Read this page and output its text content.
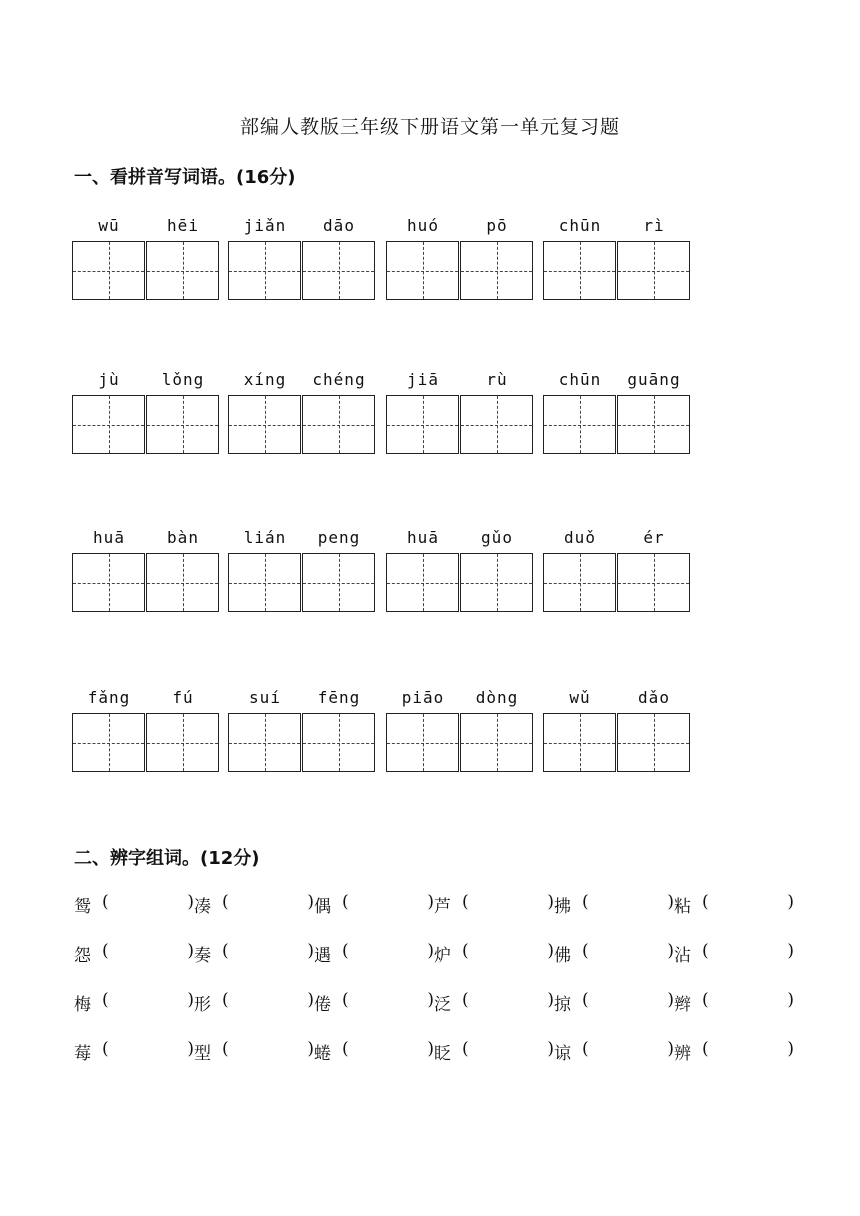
部编人教版三年级下册语文第一单元复习题
一、看拼音写词语。(16分)
wū	hēi	jiǎn	dāo	huó	pō	chūn	rì
jù	lǒng	xíng	chéng	jiā	rù	chūn	guāng
huā	bàn	lián	peng	huā	gǔo	duǒ	ér
fǎng	fú	suí	fēng	piāo	dòng	wǔ	dǎo
二、辨字组词。(12分)
鸳 (	) 凑 (	) 偶 (	) 芦 (	) 拂 (	) 粘 (	)
怨 (	) 奏 (	) 遇 (	) 炉 (	) 佛 (	) 沾 (	)
梅 (	) 形 (	) 倦 (	) 泛 (	) 掠 (	) 辫 (	)
莓 (	) 型 (	) 蜷 (	) 眨 (	) 谅 (	) 辨 (	)
